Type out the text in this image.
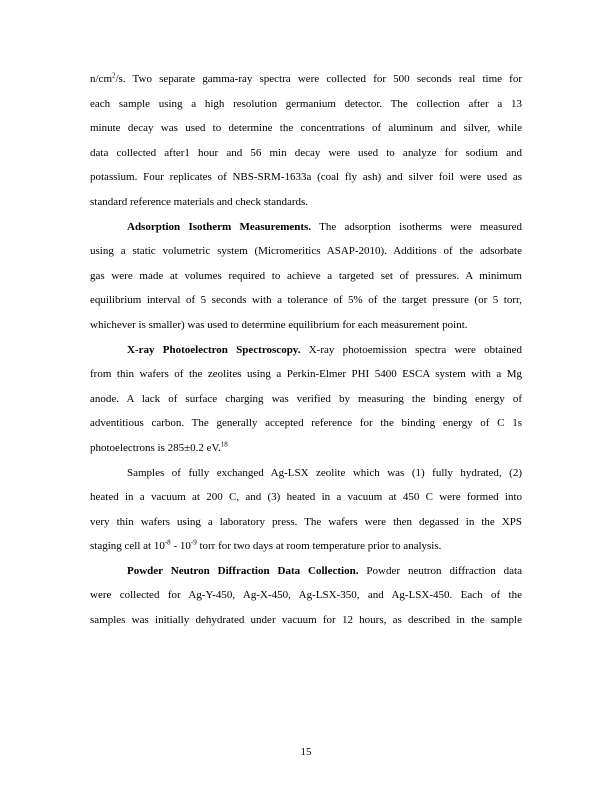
$n/cm^2/s$. Two separate gamma-ray spectra were collected for 500 seconds real time for
each sample using a high resolution germanium detector. The collection after a 13
minute decay was used to determine the concentrations of aluminum and silver, while
data collected after1 hour and 56 min decay were used to analyze for sodium and
potassium. Four replicates of NBS-SRM-1633a (coal fly ash) and silver foil were used as
standard reference materials and check standards.
Adsorption Isotherm Measurements. The adsorption isotherms were measured
using a static volumetric system (Micromeritics ASAP-2010). Additions of the adsorbate
gas were made at volumes required to achieve a targeted set of pressures. A minimum
equilibrium interval of 5 seconds with a tolerance of 5% of the target pressure (or 5 torr,
whichever is smaller) was used to determine equilibrium for each measurement point.
X-ray Photoelectron Spectroscopy. X-ray photoemission spectra were obtained
from thin wafers of the zeolites using a Perkin-Elmer PHI 5400 ESCA system with a Mg
anode. A lack of surface charging was verified by measuring the binding energy of
adventitious carbon. The generally accepted reference for the binding energy of C 1s
photoelectrons is 285±0.2 eV.$^{18}$
Samples of fully exchanged Ag-LSX zeolite which was (1) fully hydrated, (2)
heated in a vacuum at 200 C, and (3) heated in a vacuum at 450 C were formed into
very thin wafers using a laboratory press. The wafers were then degassed in the XPS
staging cell at $10^{-8} - 10^{-9}$ torr for two days at room temperature prior to analysis.
Powder Neutron Diffraction Data Collection. Powder neutron diffraction data
were collected for Ag-Y-450, Ag-X-450, Ag-LSX-350, and Ag-LSX-450. Each of the
samples was initially dehydrated under vacuum for 12 hours, as described in the sample
15
